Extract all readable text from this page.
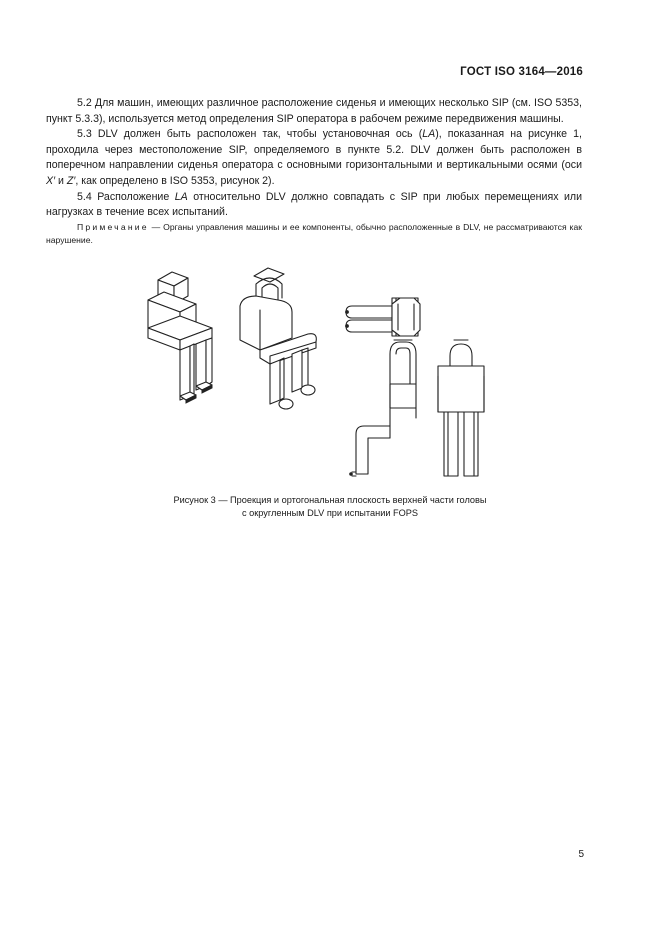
ГОСТ ISO 3164—2016

5.2 Для машин, имеющих различное расположение сиденья и имеющих несколько SIP (см. ISO 5353, пункт 5.3.3), используется метод определения SIP оператора в рабочем режиме передвижения машины.

5.3 DLV должен быть расположен так, чтобы установочная ось (LA), показанная на рисунке 1, проходила через местоположение SIP, определяемого в пункте 5.2. DLV должен быть расположен в поперечном направлении сиденья оператора с основными горизонтальными и вертикальными осями (оси X′ и Z′, как определено в ISO 5353, рисунок 2).

5.4 Расположение LA относительно DLV должно совпадать с SIP при любых перемещениях или нагрузках в течение всех испытаний.

Примечание — Органы управления машины и ее компоненты, обычно расположенные в DLV, не рассматриваются как нарушение.
Рисунок 3 — Проекция и ортогональная плоскость верхней части головы
с округленным DLV при испытании FOPS
5
